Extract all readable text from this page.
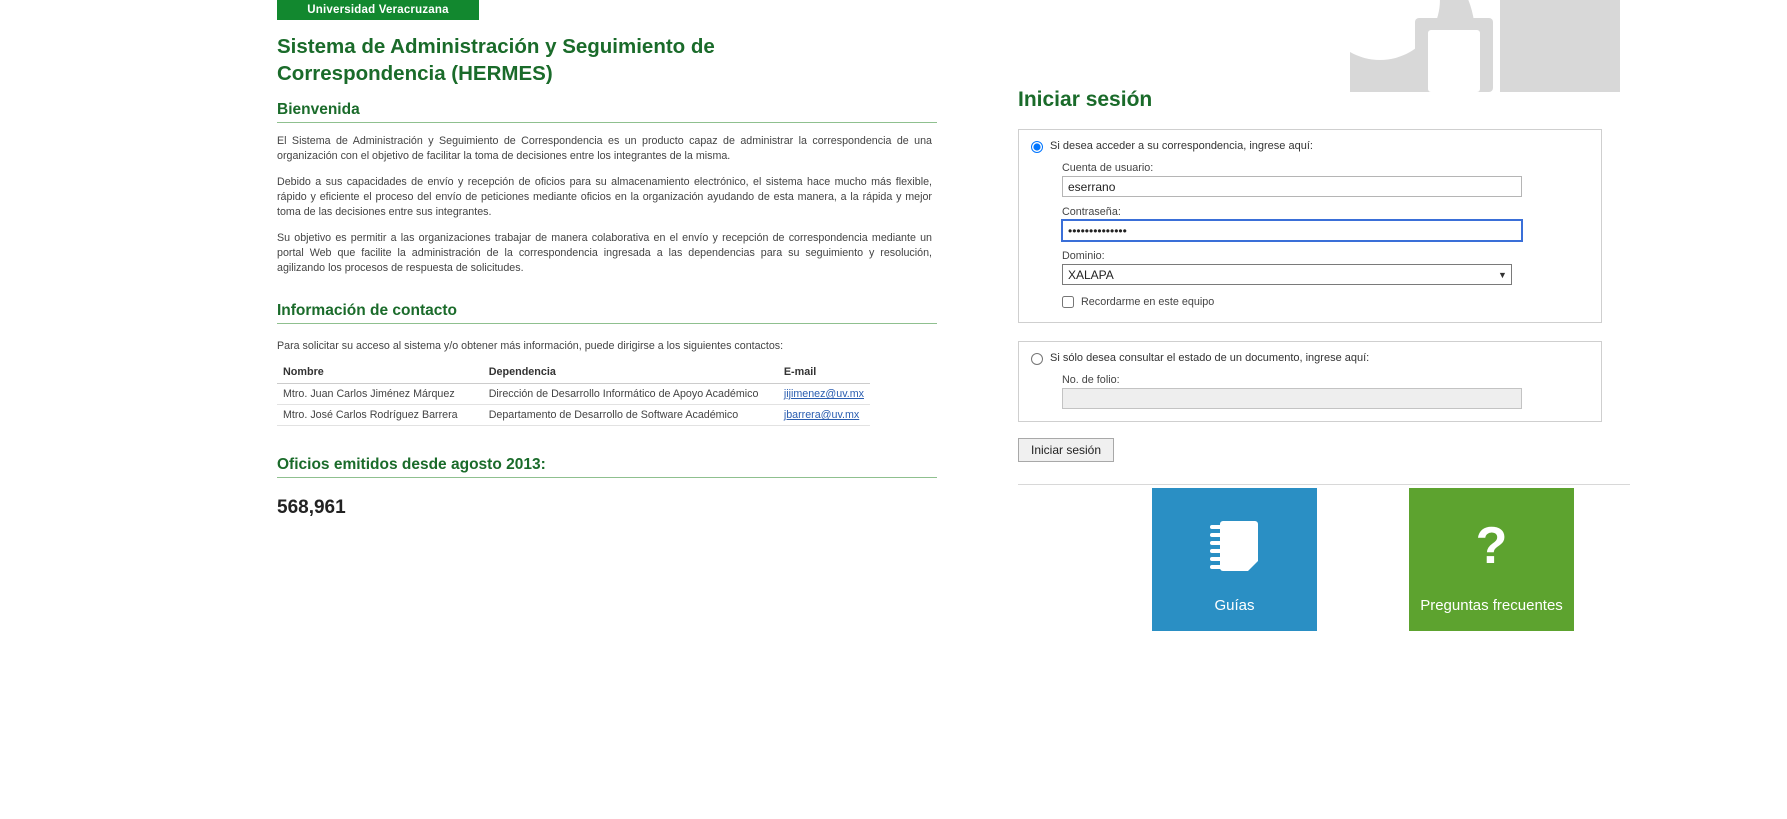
Universidad Veracruzana
Sistema de Administración y Seguimiento de Correspondencia (HERMES)
Bienvenida

El Sistema de Administración y Seguimiento de Correspondencia es un producto capaz de administrar la correspondencia de una organización con el objetivo de facilitar la toma de decisiones entre los integrantes de la misma.

Debido a sus capacidades de envío y recepción de oficios para su almacenamiento electrónico, el sistema hace mucho más flexible, rápido y eficiente el proceso del envío de peticiones mediante oficios en la organización ayudando de esta manera, a la rápida y mejor toma de las decisiones entre sus integrantes.

Su objetivo es permitir a las organizaciones trabajar de manera colaborativa en el envío y recepción de correspondencia mediante un portal Web que facilite la administración de la correspondencia ingresada a las dependencias para su seguimiento y resolución, agilizando los procesos de respuesta de solicitudes.

Información de contacto

Para solicitar su acceso al sistema y/o obtener más información, puede dirigirse a los siguientes contactos:

Nombre	Dependencia	E-mail
Mtro. Juan Carlos Jiménez Márquez	Dirección de Desarrollo Informático de Apoyo Académico	jijimenez@uv.mx
Mtro. José Carlos Rodríguez Barrera	Departamento de Desarrollo de Software Académico	jbarrera@uv.mx
Oficios emitidos desde agosto 2013:
568,961
Iniciar sesión
Si desea acceder a su correspondencia, ingrese aquí:
Cuenta de usuario:
eserrano
Contraseña:
••••••••••••••
Dominio:
XALAPA	▼
Recordarme en este equipo
Si sólo desea consultar el estado de un documento, ingrese aquí:
No. de folio:
Iniciar sesión
Guías
?
Preguntas frecuentes
